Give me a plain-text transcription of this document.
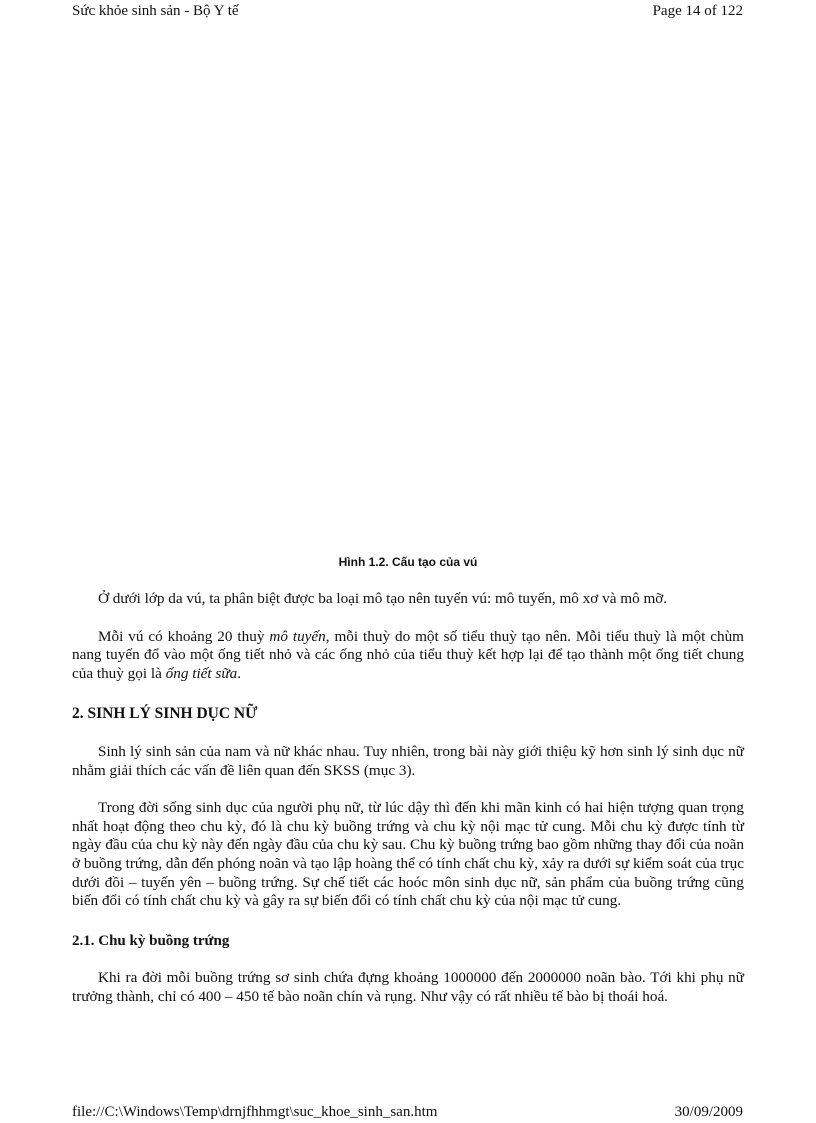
Sức khỏe sinh sản - Bộ Y tế	Page 14 of 122
Hình 1.2. Cấu tạo của vú

Ở dưới lớp da vú, ta phân biệt được ba loại mô tạo nên tuyến vú: mô tuyến, mô xơ và mô mỡ.

Mỗi vú có khoảng 20 thuỳ mô tuyến, mỗi thuỳ do một số tiểu thuỳ tạo nên. Mỗi tiểu thuỳ là một chùm nang tuyến đổ vào một ống tiết nhỏ và các ống nhỏ của tiểu thuỳ kết hợp lại để tạo thành một ống tiết chung của thuỳ gọi là ống tiết sữa.

2. SINH LÝ SINH DỤC NỮ

Sinh lý sinh sản của nam và nữ khác nhau. Tuy nhiên, trong bài này giới thiệu kỹ hơn sinh lý sinh dục nữ nhằm giải thích các vấn đề liên quan đến SKSS (mục 3).

Trong đời sống sinh dục của người phụ nữ, từ lúc dậy thì đến khi mãn kinh có hai hiện tượng quan trọng nhất hoạt động theo chu kỳ, đó là chu kỳ buồng trứng và chu kỳ nội mạc tử cung. Mỗi chu kỳ được tính từ ngày đầu của chu kỳ này đến ngày đầu của chu kỳ sau. Chu kỳ buồng trứng bao gồm những thay đổi của noãn ở buồng trứng, dẫn đến phóng noãn và tạo lập hoàng thể có tính chất chu kỳ, xảy ra dưới sự kiểm soát của trục dưới đồi – tuyến yên – buồng trứng. Sự chế tiết các hoóc môn sinh dục nữ, sản phẩm của buồng trứng cũng biến đổi có tính chất chu kỳ và gây ra sự biến đổi có tính chất chu kỳ của nội mạc tử cung.

2.1. Chu kỳ buồng trứng

Khi ra đời mỗi buồng trứng sơ sinh chứa đựng khoảng 1000000 đến 2000000 noãn bào. Tới khi phụ nữ trưởng thành, chỉ có 400 – 450 tế bào noãn chín và rụng. Như vậy có rất nhiều tế bào bị thoái hoá.

file://C:\Windows\Temp\drnjfhhmgt\suc_khoe_sinh_san.htm	30/09/2009
